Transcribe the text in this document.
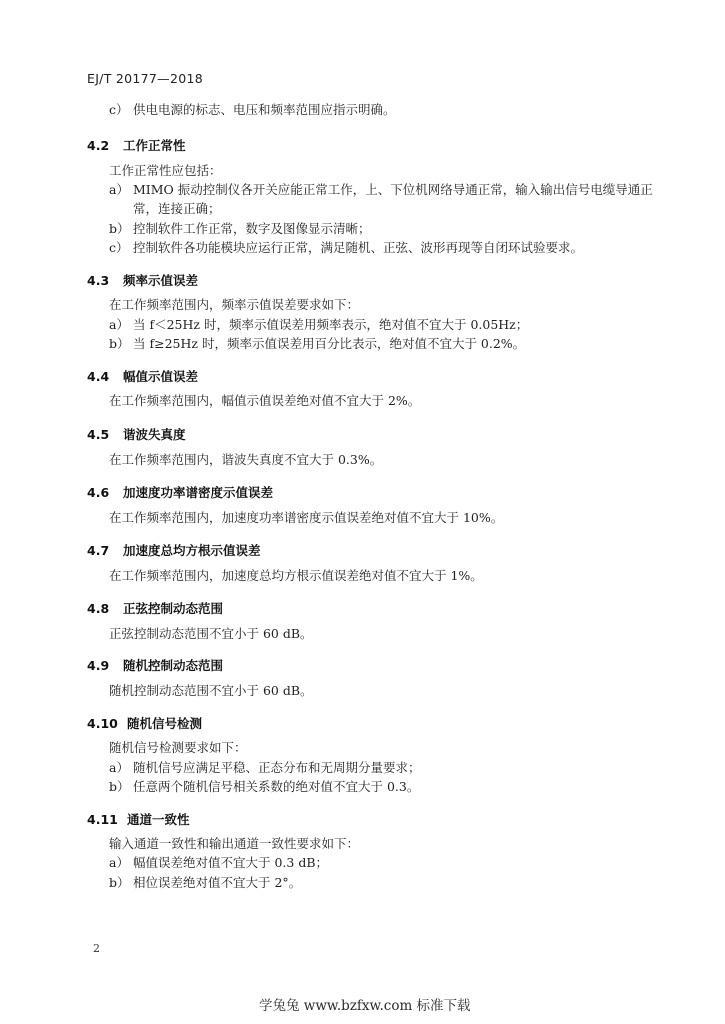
EJ/T 20177—2018
c） 供电电源的标志、电压和频率范围应指示明确。
4.2 工作正常性
工作正常性应包括：
a） MIMO 振动控制仪各开关应能正常工作，上、下位机网络导通正常，输入输出信号电缆导通正
常，连接正确；
b） 控制软件工作正常，数字及图像显示清晰；
c） 控制软件各功能模块应运行正常，满足随机、正弦、波形再现等自闭环试验要求。
4.3 频率示值误差
在工作频率范围内，频率示值误差要求如下：
a） 当 f＜25Hz 时，频率示值误差用频率表示，绝对值不宜大于 0.05Hz；
b） 当 f≥25Hz 时，频率示值误差用百分比表示，绝对值不宜大于 0.2%。
4.4 幅值示值误差
在工作频率范围内，幅值示值误差绝对值不宜大于 2%。
4.5 谐波失真度
在工作频率范围内，谐波失真度不宜大于 0.3%。
4.6 加速度功率谱密度示值误差
在工作频率范围内，加速度功率谱密度示值误差绝对值不宜大于 10%。
4.7 加速度总均方根示值误差
在工作频率范围内，加速度总均方根示值误差绝对值不宜大于 1%。
4.8 正弦控制动态范围
正弦控制动态范围不宜小于 60 dB。
4.9 随机控制动态范围
随机控制动态范围不宜小于 60 dB。
4.10 随机信号检测
随机信号检测要求如下：
a） 随机信号应满足平稳、正态分布和无周期分量要求；
b） 任意两个随机信号相关系数的绝对值不宜大于 0.3。
4.11 通道一致性
输入通道一致性和输出通道一致性要求如下：
a） 幅值误差绝对值不宜大于 0.3 dB；
b） 相位误差绝对值不宜大于 2°。
2
学兔兔 www.bzfxw.com 标准下载
